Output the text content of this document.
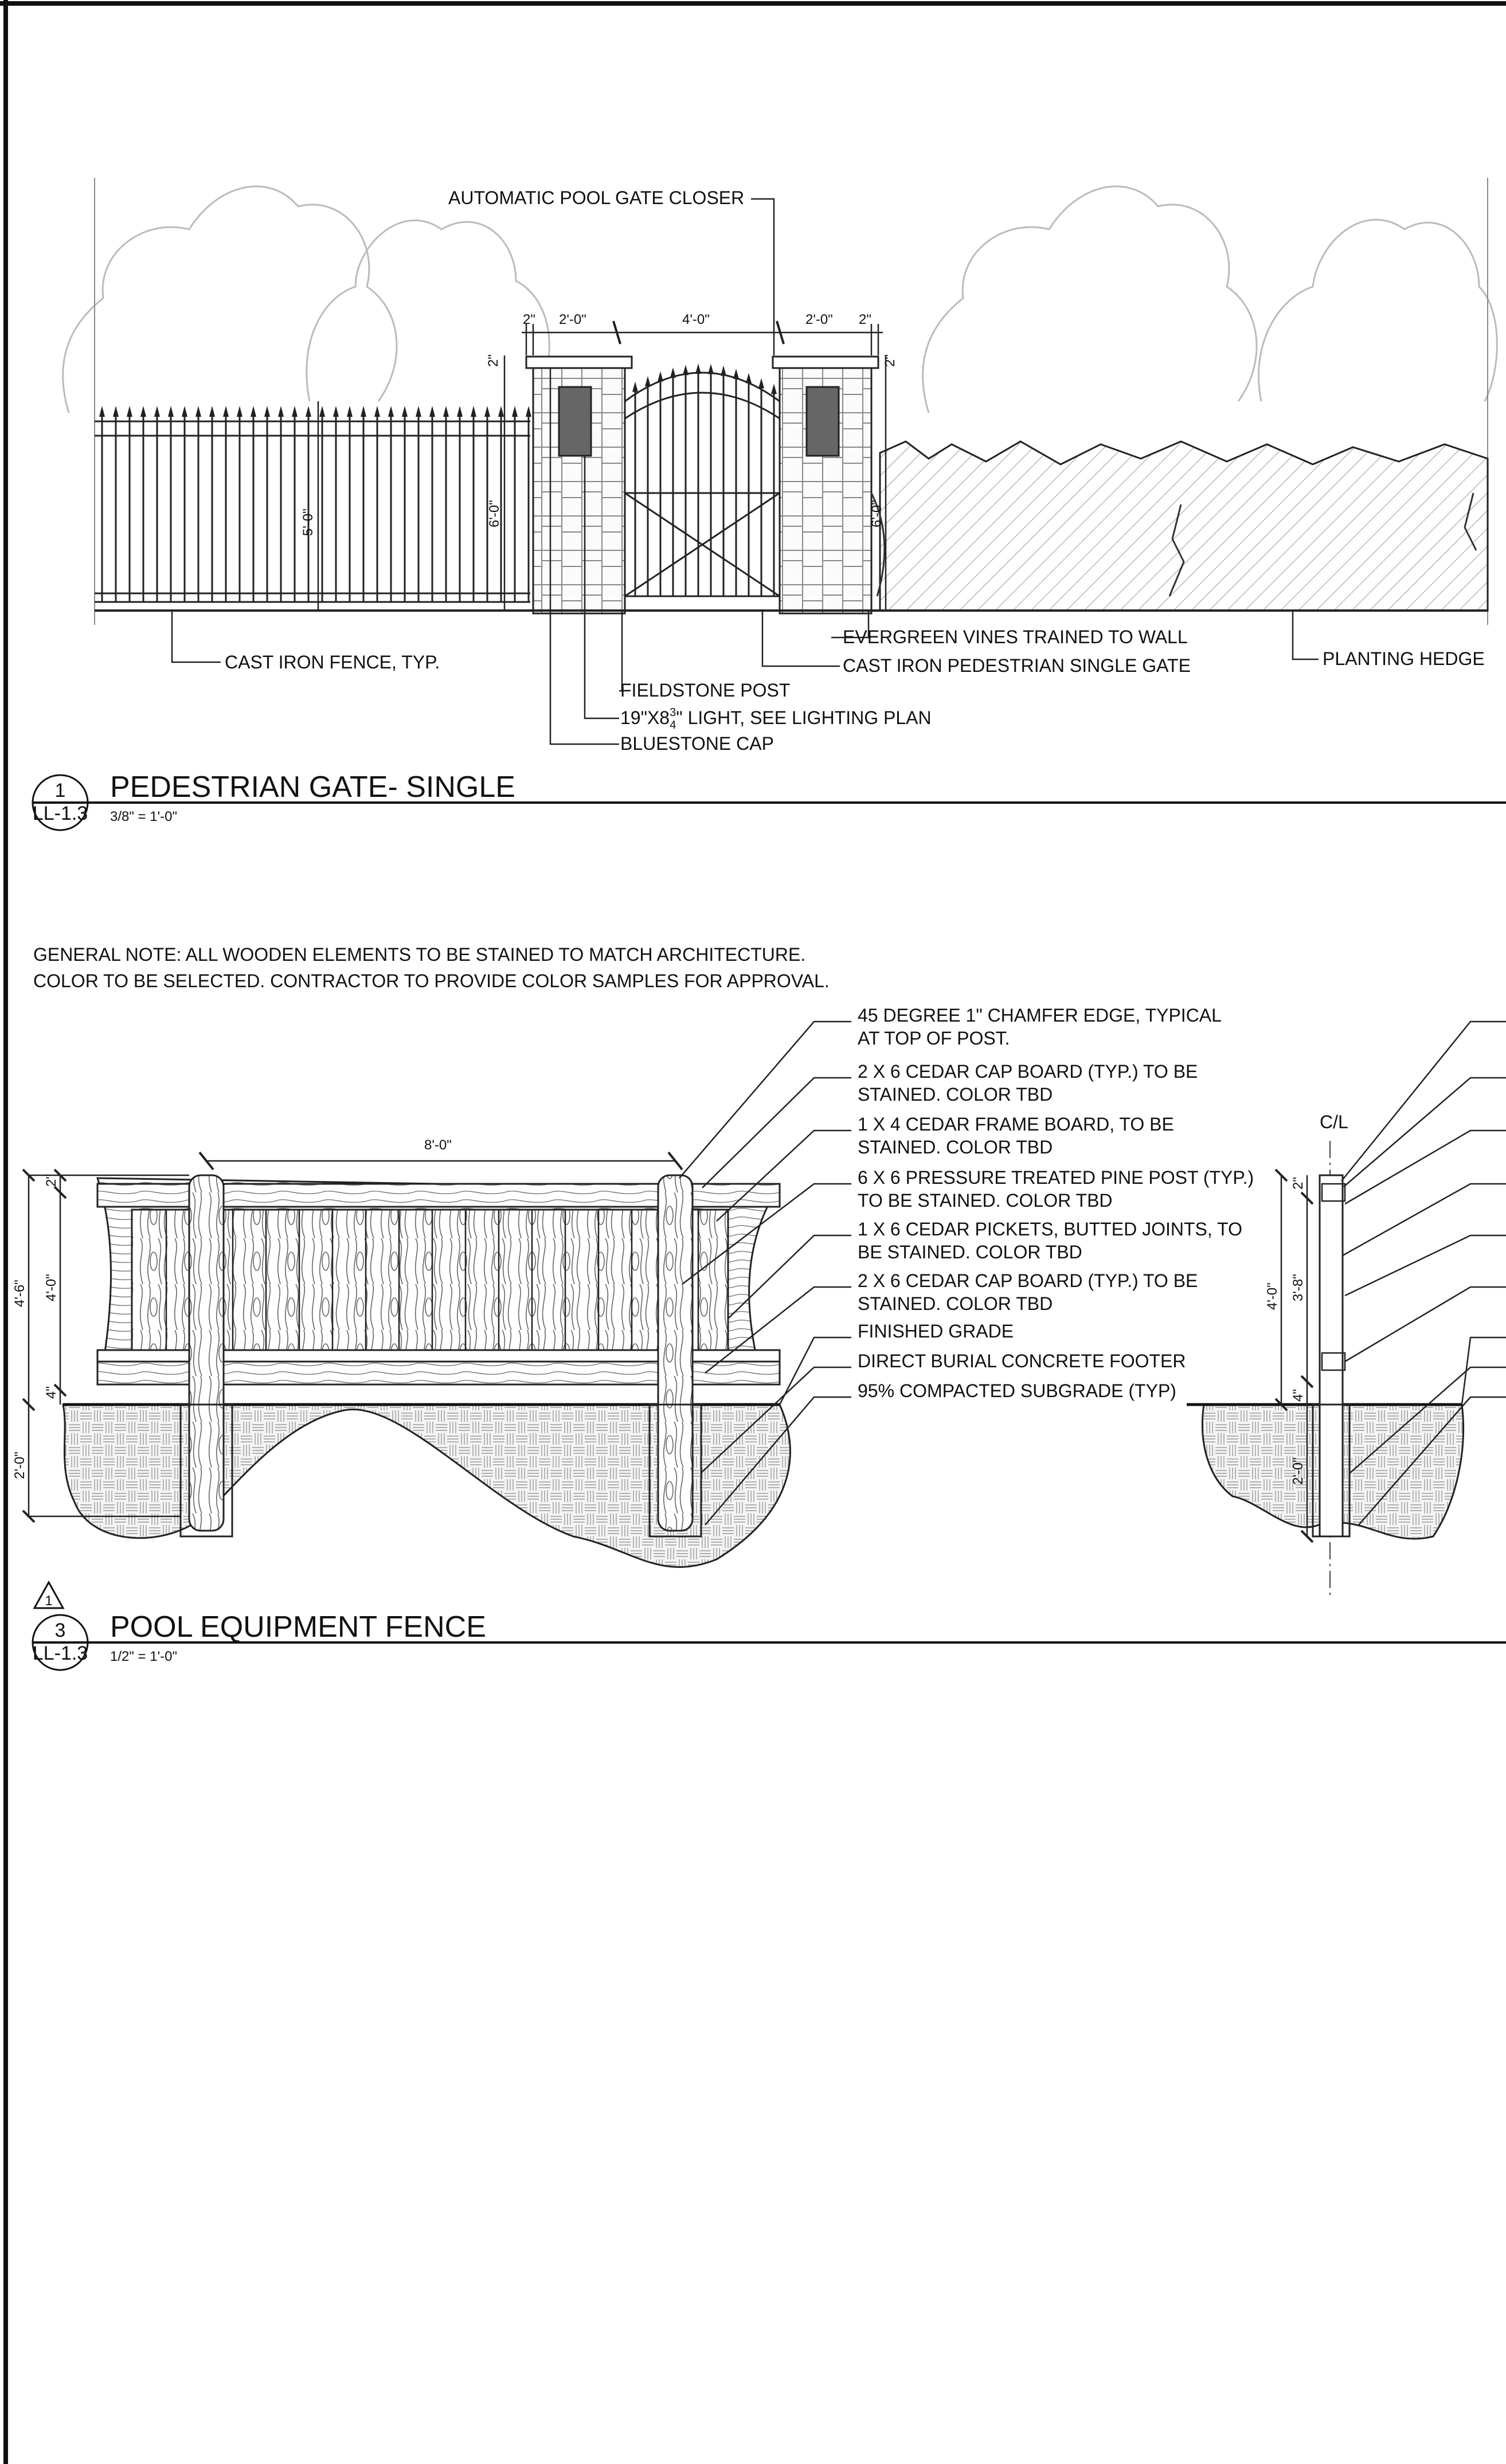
2" 2'-0"	4'-0"	2'-0" 2"
2"	2"
5'-0"	6'-0"	6'-0"
AUTOMATIC POOL GATE CLOSER
CAST IRON FENCE, TYP.
EVERGREEN VINES TRAINED TO WALL
CAST IRON PEDESTRIAN SINGLE GATE	PLANTING HEDGE
FIELDSTONE POST
$19"X8^3$ 4" LIGHT, SEE LIGHTING PLAN
BLUESTONE CAP
1
LL-1.3
PEDESTRIAN GATE- SINGLE
3/8" = 1'-0"
GENERAL NOTE: ALL WOODEN ELEMENTS TO BE STAINED TO MATCH ARCHITECTURE.
COLOR TO BE SELECTED. CONTRACTOR TO PROVIDE COLOR SAMPLES FOR APPROVAL.
8'-0"
4'-6" 4'-0"
2"
4"
2'-0"
45 DEGREE 1" CHAMFER EDGE, TYPICAL
AT TOP OF POST.
2 X 6 CEDAR CAP BOARD (TYP.) TO BE
STAINED. COLOR TBD
1 X 4 CEDAR FRAME BOARD, TO BE
STAINED. COLOR TBD
6 X 6 PRESSURE TREATED PINE POST (TYP.)
TO BE STAINED. COLOR TBD
1 X 6 CEDAR PICKETS, BUTTED JOINTS, TO
BE STAINED. COLOR TBD
2 X 6 CEDAR CAP BOARD (TYP.) TO BE
STAINED. COLOR TBD
FINISHED GRADE
DIRECT BURIAL CONCRETE FOOTER
95% COMPACTED SUBGRADE (TYP)
C/L
4'-0" 3'-8"
2"
4"
2'-0"
1
3
LL-1.3
POOL EQUIPMENT FENCE
1/2" = 1'-0"
